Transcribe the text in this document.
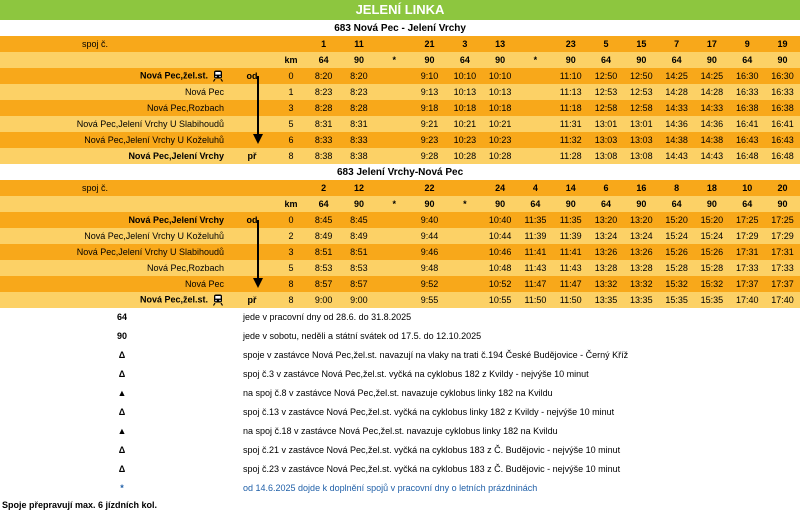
JELENÍ LINKA
683 Nová Pec - Jelení Vrchy																
spoj č.			1	11		21	3	13		23	5	15	7	17	9	19
		km	64	90	*	90	64	90	*	90	64	90	64	90	64	90
Nová Pec,žel.st.	od	0	8:20	8:20		9:10	10:10	10:10		11:10	12:50	12:50	14:25	14:25	16:30	16:30
Nová Pec		1	8:23	8:23		9:13	10:13	10:13		11:13	12:53	12:53	14:28	14:28	16:33	16:33
Nová Pec,Rozbach		3	8:28	8:28		9:18	10:18	10:18		11:18	12:58	12:58	14:33	14:33	16:38	16:38
Nová Pec,Jelení Vrchy U Slabihoudů		5	8:31	8:31		9:21	10:21	10:21		11:31	13:01	13:01	14:36	14:36	16:41	16:41
Nová Pec,Jelení Vrchy U Koželuhů		6	8:33	8:33		9:23	10:23	10:23		11:32	13:03	13:03	14:38	14:38	16:43	16:43
Nová Pec,Jelení Vrchy	př	8	8:38	8:38		9:28	10:28	10:28		11:28	13:08	13:08	14:43	14:43	16:48	16:48
683 Jelení Vrchy-Nová Pec																
spoj č.			2	12		22		24	4	14	6	16	8	18	10	20
		km	64	90	*	90	*	90	64	90	64	90	64	90	64	90
Nová Pec,Jelení Vrchy	od	0	8:45	8:45		9:40		10:40	11:35	11:35	13:20	13:20	15:20	15:20	17:25	17:25
Nová Pec,Jelení Vrchy U Koželuhů		2	8:49	8:49		9:44		10:44	11:39	11:39	13:24	13:24	15:24	15:24	17:29	17:29
Nová Pec,Jelení Vrchy U Slabihoudů		3	8:51	8:51		9:46		10:46	11:41	11:41	13:26	13:26	15:26	15:26	17:31	17:31
Nová Pec,Rozbach		5	8:53	8:53		9:48		10:48	11:43	11:43	13:28	13:28	15:28	15:28	17:33	17:33
Nová Pec		8	8:57	8:57		9:52		10:52	11:47	11:47	13:32	13:32	15:32	15:32	17:37	17:37
Nová Pec,žel.st.	př	8	9:00	9:00		9:55		10:55	11:50	11:50	13:35	13:35	15:35	15:35	17:40	17:40
64	jede v pracovní dny od 28.6. do 31.8.2025
90	jede v sobotu, neděli a státní svátek od 17.5. do 12.10.2025
Δ	spoje v zastávce Nová Pec,žel.st. navazují na vlaky na trati č.194 České Budějovice - Černý Kříž
Δ	spoj č.3 v zastávce Nová Pec,žel.st. vyčká na cyklobus 182 z Kvildy - nejvýše 10 minut
▲	na spoj č.8 v zastávce Nová Pec,žel.st. navazuje cyklobus linky 182 na Kvildu
Δ	spoj č.13 v zastávce Nová Pec,žel.st. vyčká na cyklobus linky 182 z Kvildy - nejvýše 10 minut
▲	na spoj č.18 v zastávce Nová Pec,žel.st. navazuje cyklobus linky 182 na Kvildu
Δ	spoj č.21 v zastávce Nová Pec,žel.st. vyčká na cyklobus 183 z Č. Budějovic - nejvýše 10 minut
Δ	spoj č.23 v zastávce Nová Pec,žel.st. vyčká na cyklobus 183 z Č. Budějovic - nejvýše 10 minut
*	od 14.6.2025 dojde k doplnění spojů v pracovní dny o letních prázdninách
Spoje přepravují max. 6 jízdních kol.
